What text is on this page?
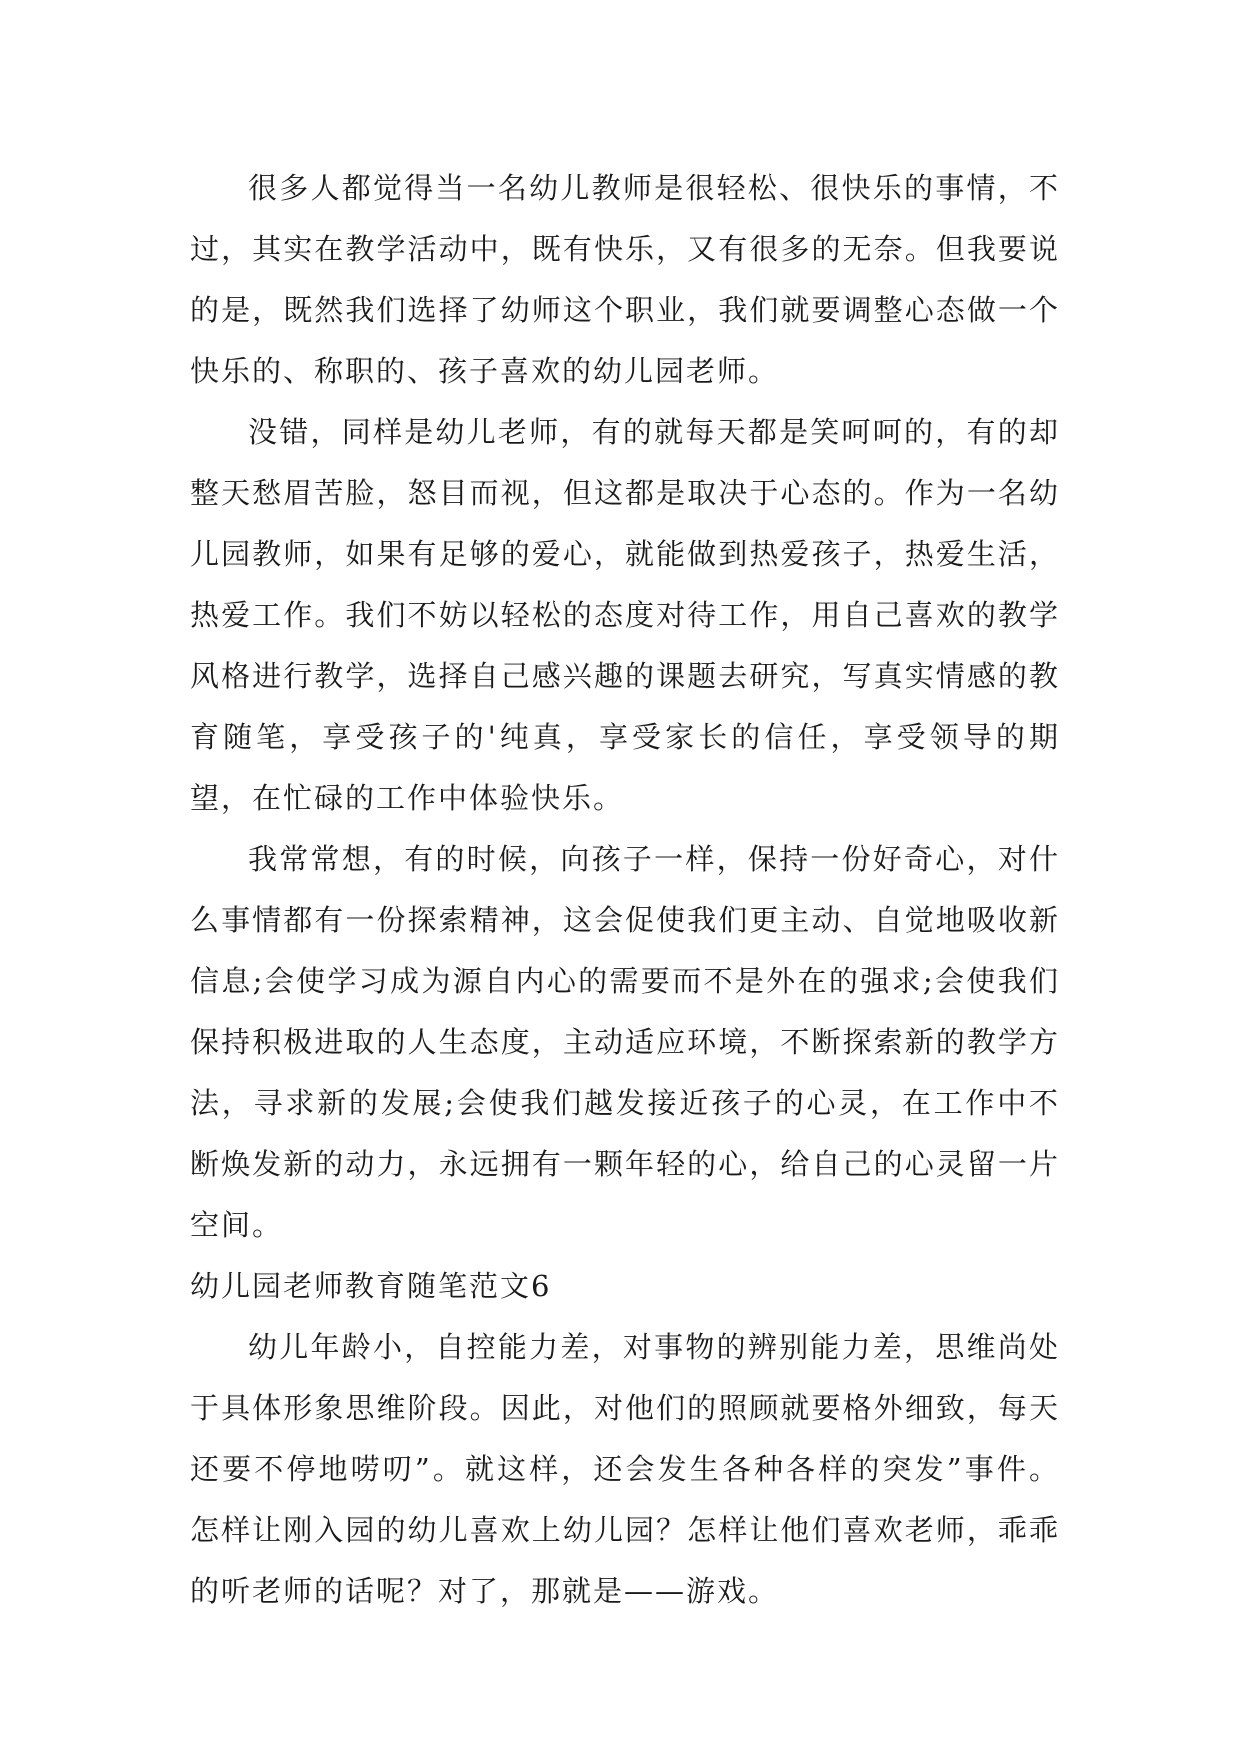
很多人都觉得当一名幼儿教师是很轻松、很快乐的事情，不过，其实在教学活动中，既有快乐，又有很多的无奈。但我要说的是，既然我们选择了幼师这个职业，我们就要调整心态做一个快乐的、称职的、孩子喜欢的幼儿园老师。

没错，同样是幼儿老师，有的就每天都是笑呵呵的，有的却整天愁眉苦脸，怒目而视，但这都是取决于心态的。作为一名幼儿园教师，如果有足够的爱心，就能做到热爱孩子，热爱生活，热爱工作。我们不妨以轻松的态度对待工作，用自己喜欢的教学风格进行教学，选择自己感兴趣的课题去研究，写真实情感的教育随笔，享受孩子的'纯真，享受家长的信任，享受领导的期望，在忙碌的工作中体验快乐。

我常常想，有的时候，向孩子一样，保持一份好奇心，对什么事情都有一份探索精神，这会促使我们更主动、自觉地吸收新信息;会使学习成为源自内心的需要而不是外在的强求;会使我们保持积极进取的人生态度，主动适应环境，不断探索新的教学方法，寻求新的发展;会使我们越发接近孩子的心灵，在工作中不断焕发新的动力，永远拥有一颗年轻的心，给自己的心灵留一片空间。

幼儿园老师教育随笔范文6

幼儿年龄小，自控能力差，对事物的辨别能力差，思维尚处于具体形象思维阶段。因此，对他们的照顾就要格外细致，每天还要不停地唠叨”。就这样，还会发生各种各样的突发”事件。怎样让刚入园的幼儿喜欢上幼儿园？怎样让他们喜欢老师，乖乖的听老师的话呢？对了，那就是——游戏。
